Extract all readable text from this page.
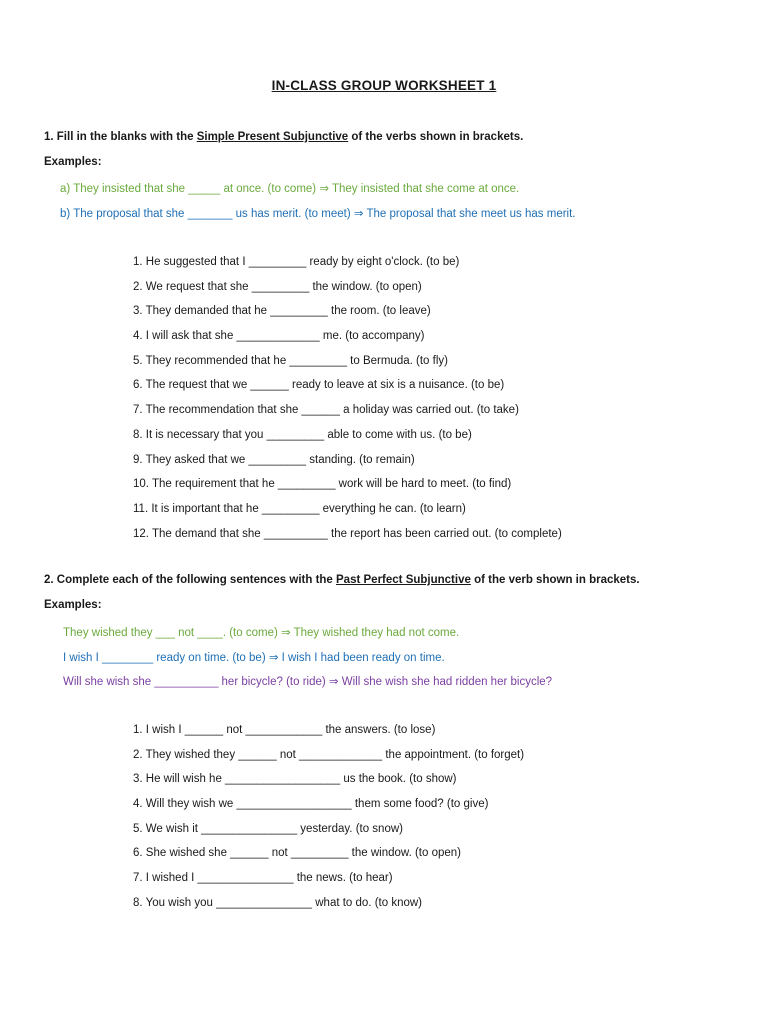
IN-CLASS GROUP WORKSHEET 1
1. Fill in the blanks with the Simple Present Subjunctive of the verbs shown in brackets.
Examples:
a) They insisted that she _____ at once. (to come) ⇒ They insisted that she come at once.
b) The proposal that she _______ us has merit. (to meet) ⇒ The proposal that she meet us has merit.
1. He suggested that I _________ ready by eight o'clock. (to be)
2. We request that she _________ the window. (to open)
3. They demanded that he _________ the room. (to leave)
4. I will ask that she _____________ me. (to accompany)
5. They recommended that he _________ to Bermuda. (to fly)
6. The request that we ______ ready to leave at six is a nuisance. (to be)
7. The recommendation that she ______ a holiday was carried out. (to take)
8. It is necessary that you _________ able to come with us. (to be)
9. They asked that we _________ standing. (to remain)
10. The requirement that he _________ work will be hard to meet. (to find)
11. It is important that he _________ everything he can. (to learn)
12. The demand that she __________ the report has been carried out. (to complete)
2. Complete each of the following sentences with the Past Perfect Subjunctive of the verb shown in brackets.
Examples:
They wished they ___ not ____. (to come) ⇒ They wished they had not come.
I wish I ________ ready on time. (to be) ⇒ I wish I had been ready on time.
Will she wish she __________ her bicycle? (to ride) ⇒ Will she wish she had ridden her bicycle?
1. I wish I ______ not ____________ the answers. (to lose)
2. They wished they ______ not _____________ the appointment. (to forget)
3. He will wish he __________________ us the book. (to show)
4. Will they wish we __________________ them some food? (to give)
5. We wish it _______________ yesterday. (to snow)
6. She wished she ______ not _________ the window. (to open)
7. I wished I _______________ the news. (to hear)
8. You wish you _______________ what to do. (to know)
